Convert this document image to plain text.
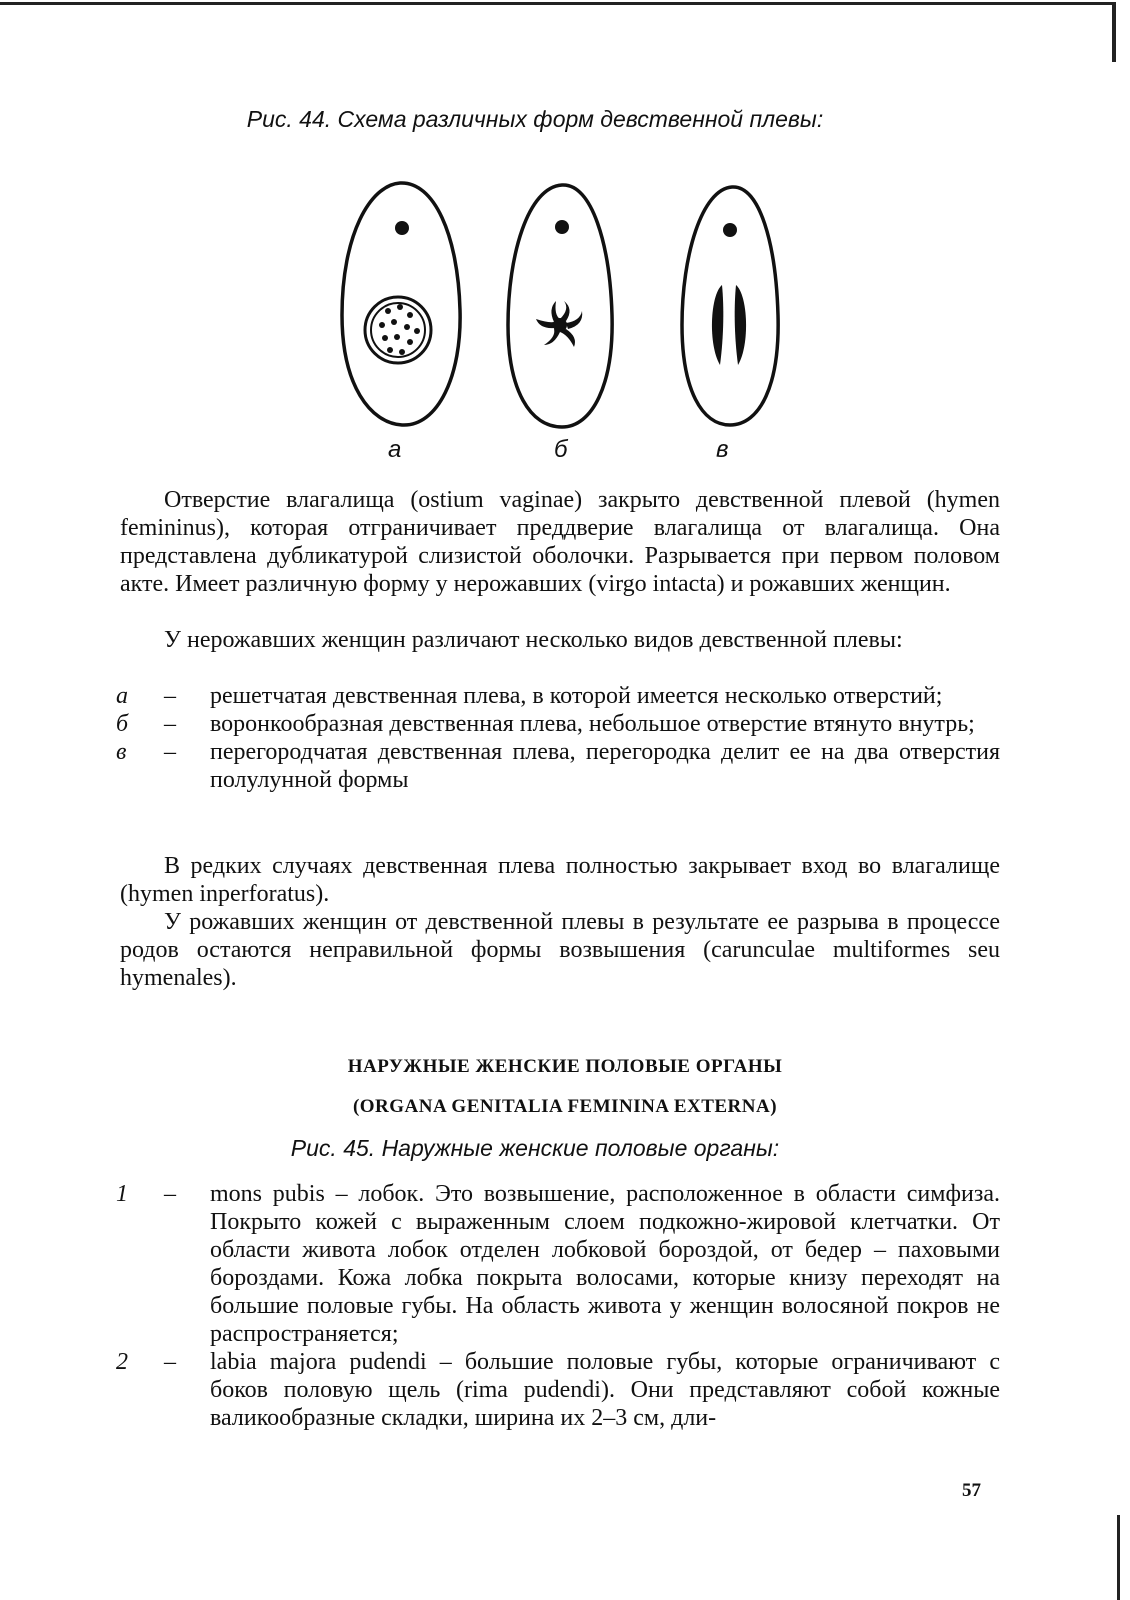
Рис. 44. Схема различных форм девственной плевы:
а	б	в
Отверстие влагалища (ostium vaginae) закрыто девственной плевой (hymen femininus), которая отграничивает преддверие влагалища от влагалища. Она представлена дубликатурой слизистой оболочки. Разрывается при первом половом акте. Имеет различную форму у нерожавших (virgo intacta) и рожавших женщин.
У нерожавших женщин различают несколько видов девственной плевы:
а	– решетчатая девственная плева, в которой имеется несколько отверстий;
б	– воронкообразная девственная плева, небольшое отверстие втянуто внутрь;
в	– перегородчатая девственная плева, перегородка делит ее на два отверстия полулунной формы
В редких случаях девственная плева полностью закрывает вход во влагалище (hymen inperforatus).
У рожавших женщин от девственной плевы в результате ее разрыва в процессе родов остаются неправильной формы возвышения (carunculae multiformes seu hymenales).
НАРУЖНЫЕ ЖЕНСКИЕ ПОЛОВЫЕ ОРГАНЫ
(ORGANA GENITALIA FEMININA EXTERNA)
Рис. 45. Наружные женские половые органы:
1	– mons pubis – лобок. Это возвышение, расположенное в области симфиза. Покрыто кожей с выраженным слоем подкожно-жировой клетчатки. От области живота лобок отделен лобковой бороздой, от бедер – паховыми бороздами. Кожа лобка покрыта волосами, которые книзу переходят на большие половые губы. На область живота у женщин волосяной покров не распространяется;
2	– labia majora pudendi – большие половые губы, которые ограничивают с боков половую щель (rima pudendi). Они представляют собой кожные валикообразные складки, ширина их 2–3 см, дли-
57
